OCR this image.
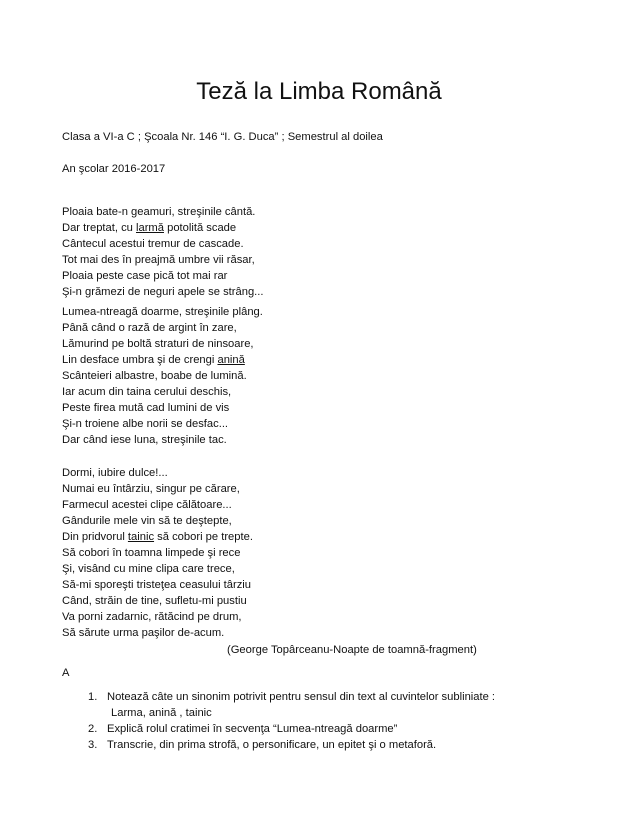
Teză la Limba Română
Clasa a VI-a C ; Şcoala Nr. 146 “I. G. Duca” ; Semestrul al doilea
An şcolar 2016-2017
Ploaia bate-n geamuri, streşinile cântă.
Dar treptat, cu larmă potolită scade
Cântecul acestui tremur de cascade.
Tot mai des în preajmă umbre vii răsar,
Ploaia peste case pică tot mai rar
Şi-n grămezi de neguri apele se strâng...
Lumea-ntreagă doarme, streşinile plâng.
Până când o rază de argint în zare,
Lămurind pe boltă straturi de ninsoare,
Lin desface umbra şi de crengi anină
Scânteieri albastre, boabe de lumină.
Iar acum din taina cerului deschis,
Peste firea mută cad lumini de vis
Şi-n troiene albe norii se desfac...
Dar când iese luna, streşinile tac.
Dormi, iubire dulce!...
Numai eu întârziu, singur pe cărare,
Farmecul acestei clipe călătoare...
Gândurile mele vin să te deştepte,
Din pridvorul tainic să cobori pe trepte.
Să cobori în toamna limpede şi rece
Şi, visând cu mine clipa care trece,
Să-mi sporeşti tristeţea ceasului târziu
Când, străin de tine, sufletu-mi pustiu
Va porni zadarnic, rătăcind pe drum,
Să sărute urma paşilor de-acum.
(George Topârceanu-Noapte de toamnă-fragment)
A
1. Notează câte un sinonim potrivit pentru sensul din text al cuvintelor subliniate :
Larma, anină , tainic
2. Explică rolul cratimei în secvenţa “Lumea-ntreagă doarme”
3. Transcrie, din prima strofă, o personificare, un epitet şi o metaforă.
